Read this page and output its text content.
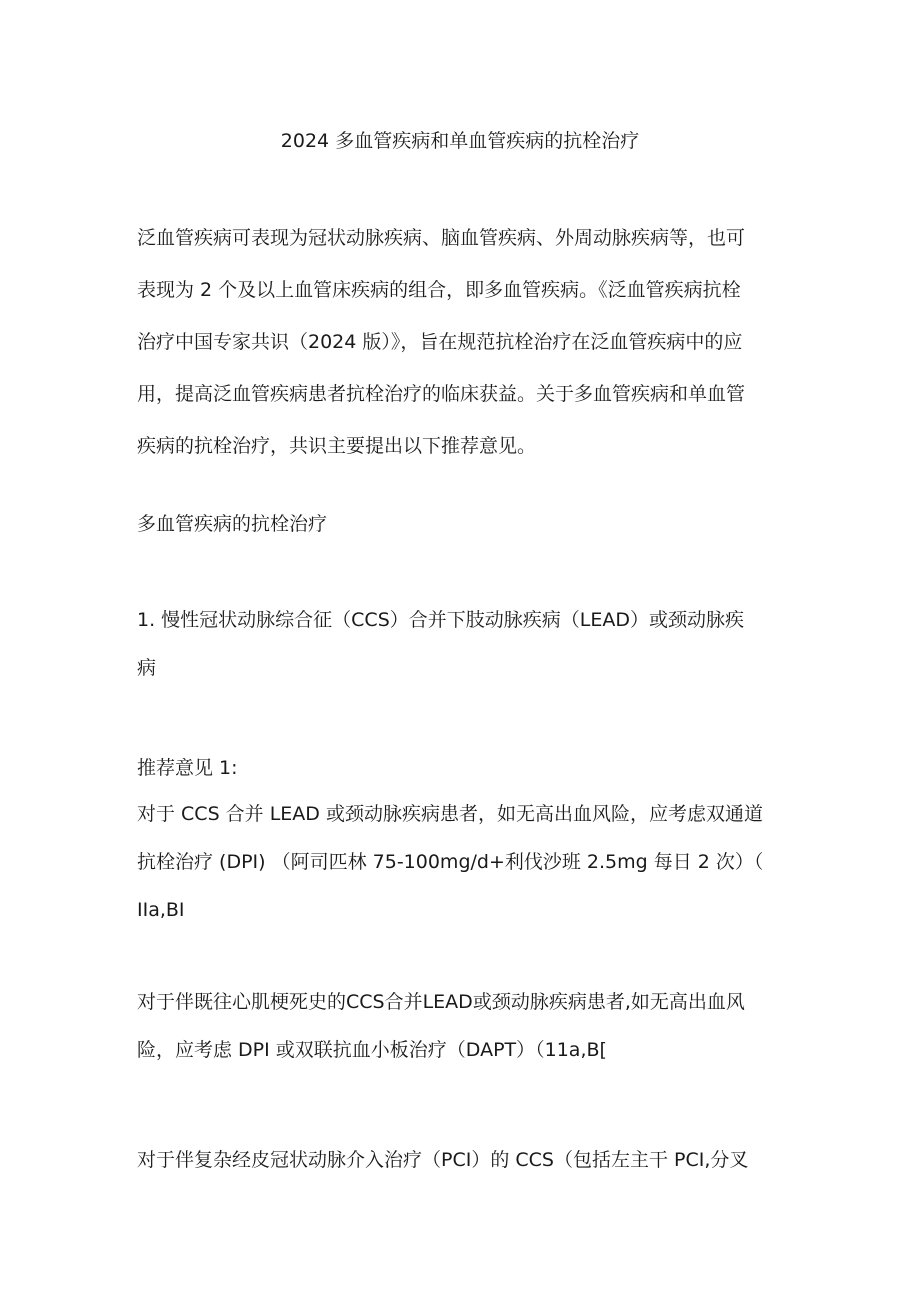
2024 多血管疾病和单血管疾病的抗栓治疗
泛血管疾病可表现为冠状动脉疾病、脑血管疾病、外周动脉疾病等，也可
表现为 2 个及以上血管床疾病的组合，即多血管疾病。《泛血管疾病抗栓
治疗中国专家共识（2024 版）》，旨在规范抗栓治疗在泛血管疾病中的应
用，提高泛血管疾病患者抗栓治疗的临床获益。关于多血管疾病和单血管
疾病的抗栓治疗，共识主要提出以下推荐意见。
多血管疾病的抗栓治疗
1. 慢性冠状动脉综合征（CCS）合并下肢动脉疾病（LEAD）或颈动脉疾
病
推荐意见 1:
对于 CCS 合并 LEAD 或颈动脉疾病患者，如无高出血风险，应考虑双通道
抗栓治疗 (DPI) （阿司匹林 75-100mg/d+利伐沙班 2.5mg 每日 2 次）（
IIa,BI
对于伴既往心肌梗死史的CCS合并LEAD或颈动脉疾病患者,如无高出血风
险，应考虑 DPI 或双联抗血小板治疗（DAPT）（11a,B[
对于伴复杂经皮冠状动脉介入治疗（PCI）的 CCS（包括左主干 PCI,分叉
